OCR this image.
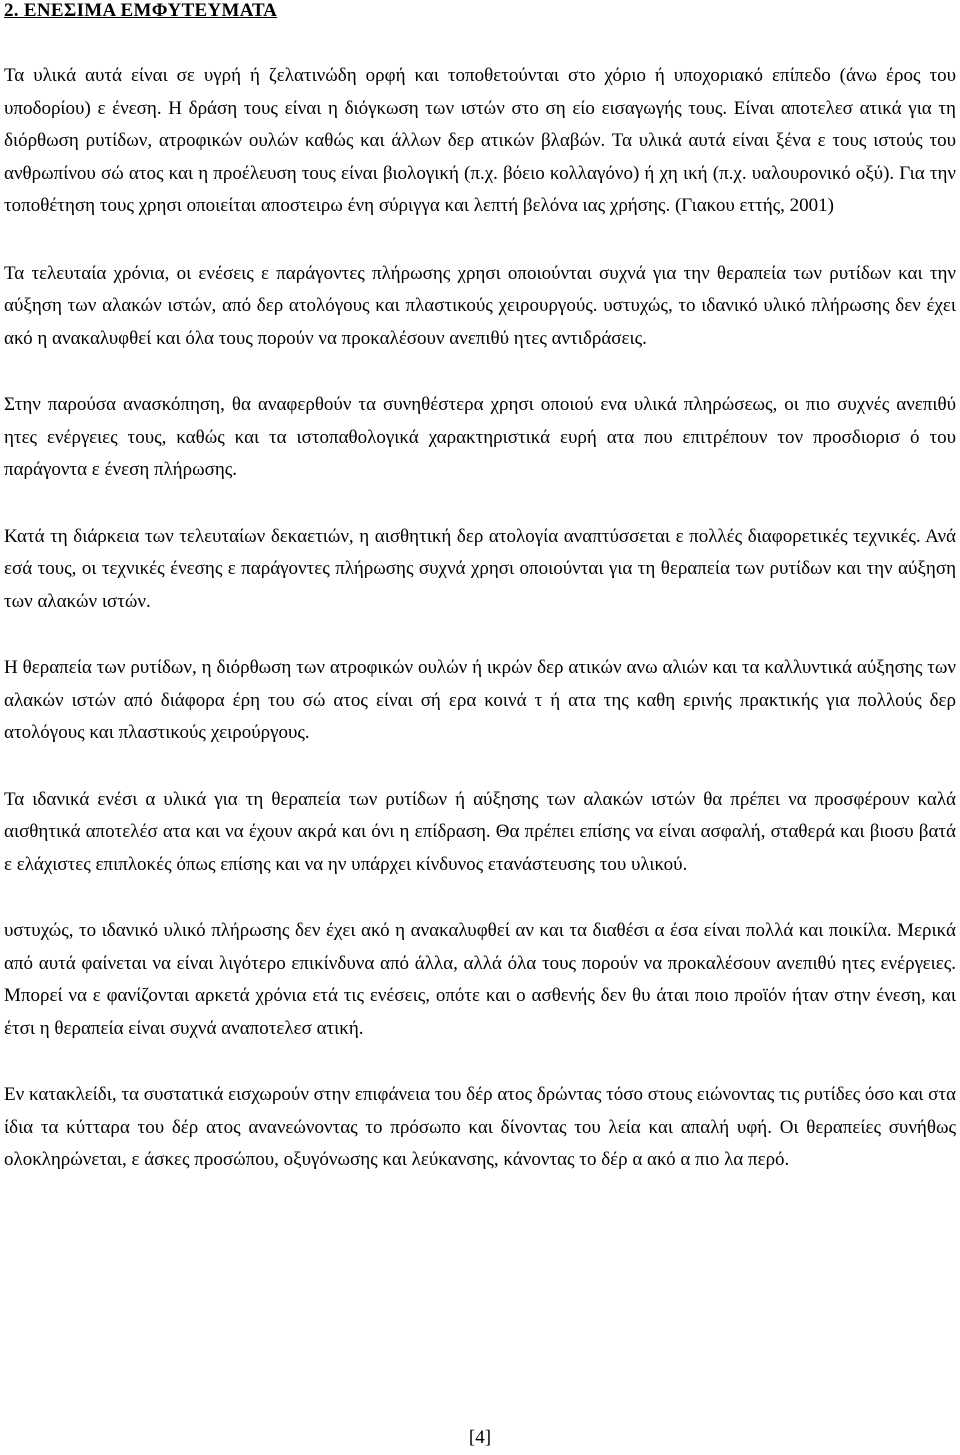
2. ΕΝΕΣΙΜΑ ΕΜΦΥΤΕΥΜΑΤΑ

Τα υλικά αυτά είναι σε υγρή ή ζελατινώδη ορφή και τοποθετούνται στο χόριο ή υποχοριακό επίπεδο (άνω έρος του υποδορίου) ε ένεση. Η δράση τους είναι η διόγκωση των ιστών στο ση είο εισαγωγής τους. Είναι αποτελεσ ατικά για τη διόρθωση ρυτίδων, ατροφικών ουλών καθώς και άλλων δερ ατικών βλαβών. Τα υλικά αυτά είναι ξένα ε τους ιστούς του ανθρωπίνου σώ ατος και η προέλευση τους είναι βιολογική (π.χ. βόειο κολλαγόνο) ή χη ική (π.χ. υαλουρονικό οξύ). Για την τοποθέτηση τους χρησι οποιείται αποστειρω ένη σύριγγα και λεπτή βελόνα ιας χρήσης. (Γιακου εττής, 2001)

Τα τελευταία χρόνια, οι ενέσεις ε παράγοντες πλήρωσης χρησι οποιούνται συχνά για την θεραπεία των ρυτίδων και την αύξηση των αλακών ιστών, από δερ ατολόγους και πλαστικούς χειρουργούς. υστυχώς, το ιδανικό υλικό πλήρωσης δεν έχει ακό η ανακαλυφθεί και όλα τους πορούν να προκαλέσουν ανεπιθύ ητες αντιδράσεις.

Στην παρούσα ανασκόπηση, θα αναφερθούν τα συνηθέστερα χρησι οποιού ενα υλικά πληρώσεως, οι πιο συχνές ανεπιθύ ητες ενέργειες τους, καθώς και τα ιστοπαθολογικά χαρακτηριστικά ευρή ατα που επιτρέπουν τον προσδιορισ ό του παράγοντα ε ένεση πλήρωσης.

Κατά τη διάρκεια των τελευταίων δεκαετιών, η αισθητική δερ ατολογία αναπτύσσεται ε πολλές διαφορετικές τεχνικές. Ανά εσά τους, οι τεχνικές ένεσης ε παράγοντες πλήρωσης συχνά χρησι οποιούνται για τη θεραπεία των ρυτίδων και την αύξηση των αλακών ιστών.

Η θεραπεία των ρυτίδων, η διόρθωση των ατροφικών ουλών ή ικρών δερ ατικών ανω αλιών και τα καλλυντικά αύξησης των αλακών ιστών από διάφορα έρη του σώ ατος είναι σή ερα κοινά τ ή ατα της καθη ερινής πρακτικής για πολλούς δερ ατολόγους και πλαστικούς χειρούργους.

Τα ιδανικά ενέσι α υλικά για τη θεραπεία των ρυτίδων ή αύξησης των αλακών ιστών θα πρέπει να προσφέρουν καλά αισθητικά αποτελέσ ατα και να έχουν ακρά και όνι η επίδραση. Θα πρέπει επίσης να είναι ασφαλή, σταθερά και βιοσυ βατά ε ελάχιστες επιπλοκές όπως επίσης και να ην υπάρχει κίνδυνος ετανάστευσης του υλικού.

υστυχώς, το ιδανικό υλικό πλήρωσης δεν έχει ακό η ανακαλυφθεί αν και τα διαθέσι α έσα είναι πολλά και ποικίλα. Μερικά από αυτά φαίνεται να είναι λιγότερο επικίνδυνα από άλλα, αλλά όλα τους πορούν να προκαλέσουν ανεπιθύ ητες ενέργειες. Μπορεί να ε φανίζονται αρκετά χρόνια ετά τις ενέσεις, οπότε και ο ασθενής δεν θυ άται ποιο προϊόν ήταν στην ένεση, και έτσι η θεραπεία είναι συχνά αναποτελεσ ατική.

Εν κατακλείδι, τα συστατικά εισχωρούν στην επιφάνεια του δέρ ατος δρώντας τόσο στους ειώνοντας τις ρυτίδες όσο και στα ίδια τα κύτταρα του δέρ ατος ανανεώνοντας το πρόσωπο και δίνοντας του λεία και απαλή υφή. Οι θεραπείες συνήθως ολοκληρώνεται, ε άσκες προσώπου, οξυγόνωσης και λεύκανσης, κάνοντας το δέρ α ακό α πιο λα περό.

[4]
